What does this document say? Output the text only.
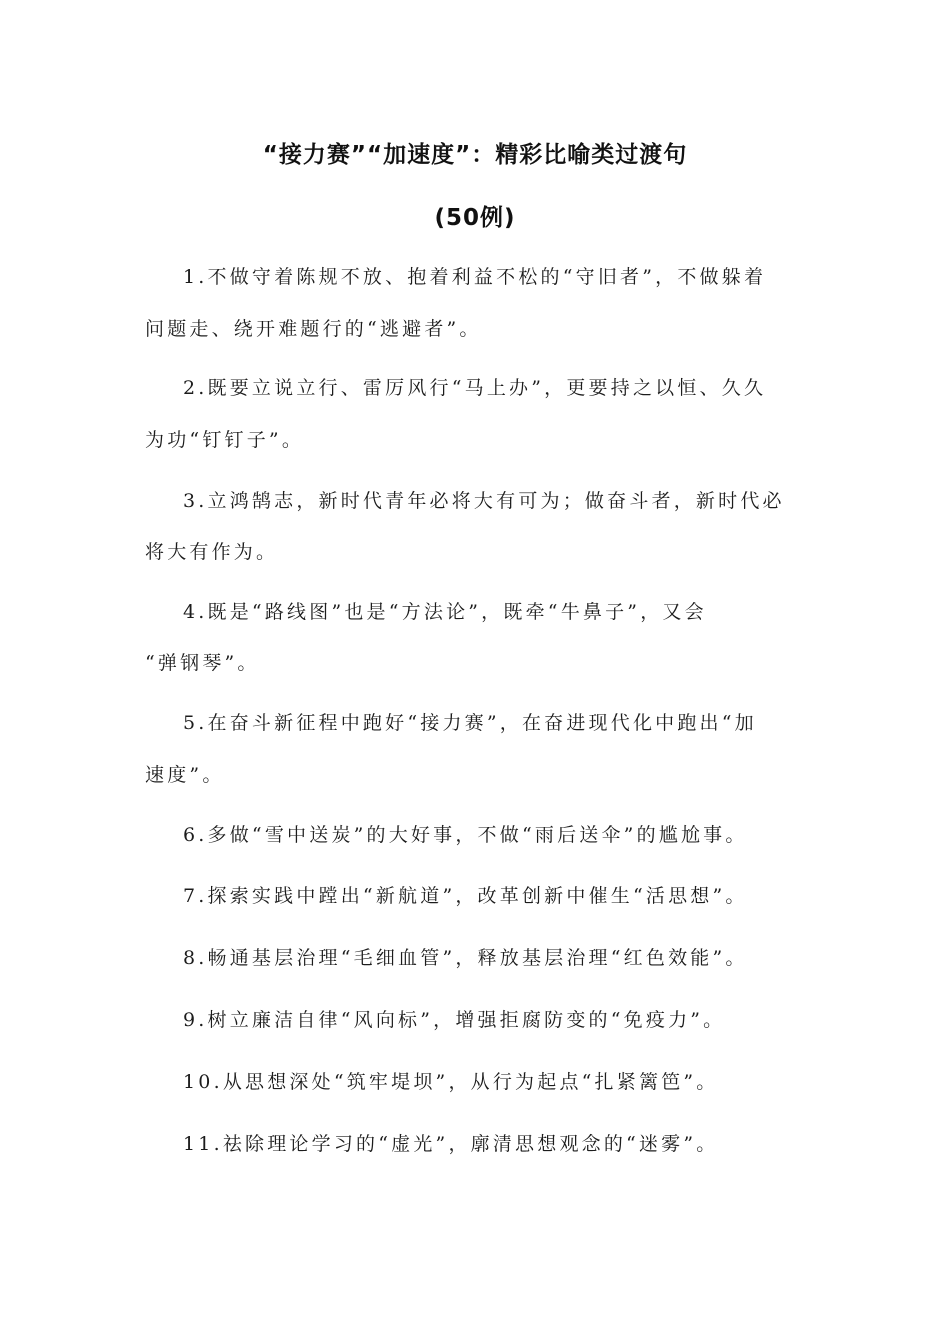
“接力赛”“加速度”：精彩比喻类过渡句
(50例)
1.不做守着陈规不放、抱着利益不松的“守旧者”，不做躲着
问题走、绕开难题行的“逃避者”。
2.既要立说立行、雷厉风行“马上办”，更要持之以恒、久久
为功“钉钉子”。
3.立鸿鹄志，新时代青年必将大有可为；做奋斗者，新时代必
将大有作为。
4.既是“路线图”也是“方法论”，既牵“牛鼻子”，又会
“弹钢琴”。
5.在奋斗新征程中跑好“接力赛”，在奋进现代化中跑出“加
速度”。
6.多做“雪中送炭”的大好事，不做“雨后送伞”的尴尬事。
7.探索实践中蹚出“新航道”，改革创新中催生“活思想”。
8.畅通基层治理“毛细血管”，释放基层治理“红色效能”。
9.树立廉洁自律“风向标”，增强拒腐防变的“免疫力”。
10.从思想深处“筑牢堤坝”，从行为起点“扎紧篱笆”。
11.祛除理论学习的“虚光”，廓清思想观念的“迷雾”。
